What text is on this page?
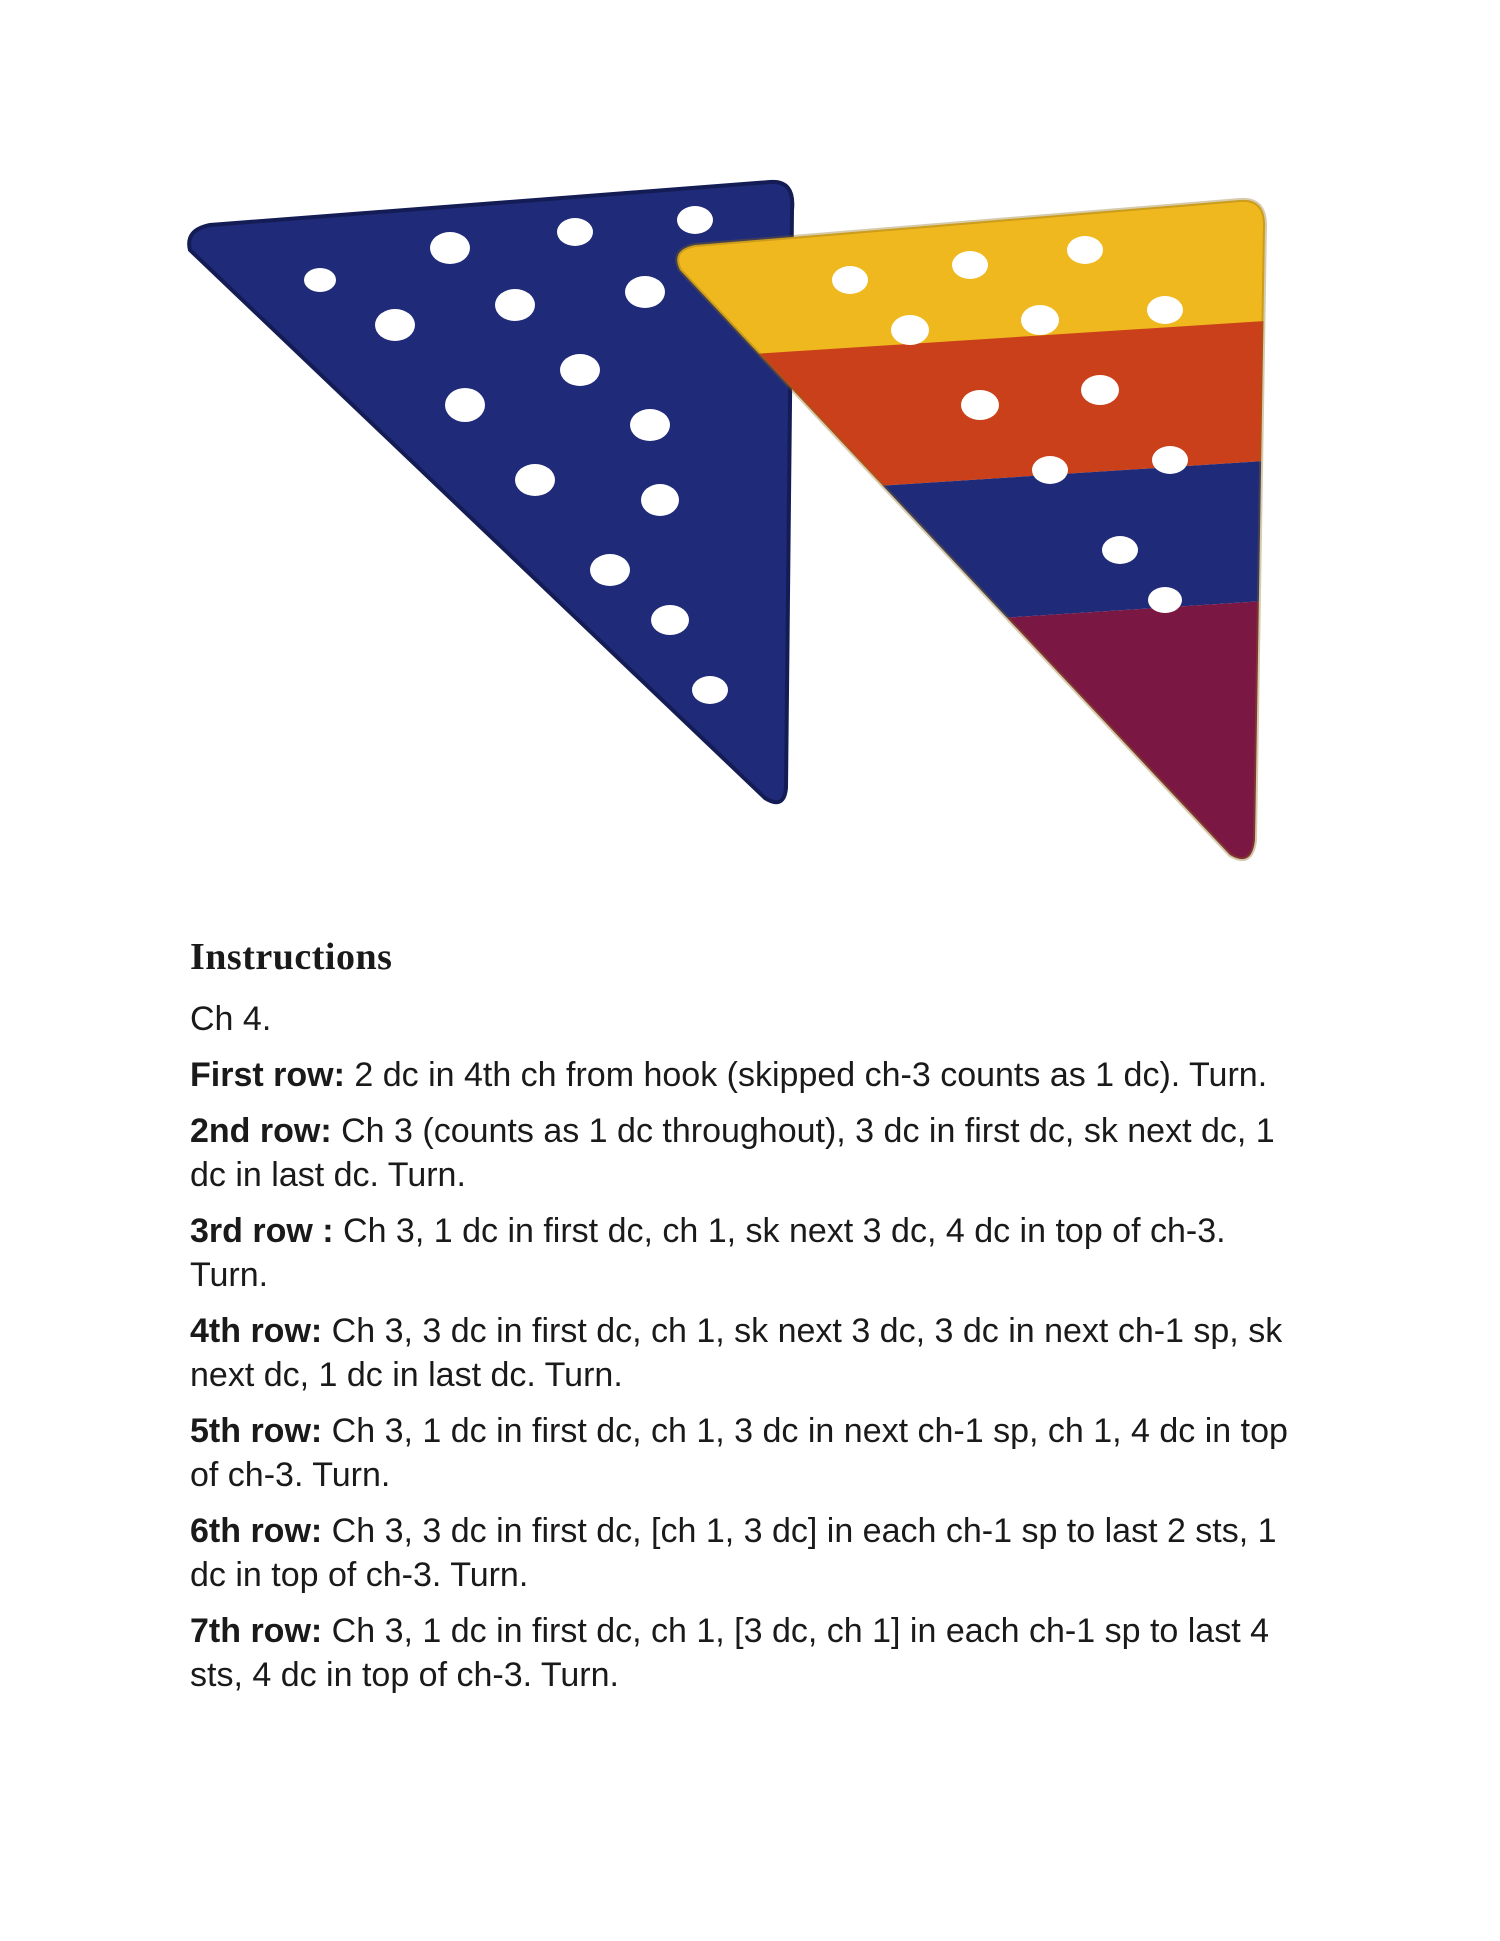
Instructions

Ch 4.

First row: 2 dc in 4th ch from hook (skipped ch-3 counts as 1 dc). Turn.

2nd row: Ch 3 (counts as 1 dc throughout), 3 dc in first dc, sk next dc, 1 dc in last dc. Turn.

3rd row : Ch 3, 1 dc in first dc, ch 1, sk next 3 dc, 4 dc in top of ch-3. Turn.

4th row: Ch 3, 3 dc in first dc, ch 1, sk next 3 dc, 3 dc in next ch-1 sp, sk next dc, 1 dc in last dc. Turn.

5th row: Ch 3, 1 dc in first dc, ch 1, 3 dc in next ch-1 sp, ch 1, 4 dc in top of ch-3. Turn.

6th row: Ch 3, 3 dc in first dc, [ch 1, 3 dc] in each ch-1 sp to last 2 sts, 1 dc in top of ch-3. Turn.

7th row: Ch 3, 1 dc in first dc, ch 1, [3 dc, ch 1] in each ch-1 sp to last 4 sts, 4 dc in top of ch-3. Turn.
